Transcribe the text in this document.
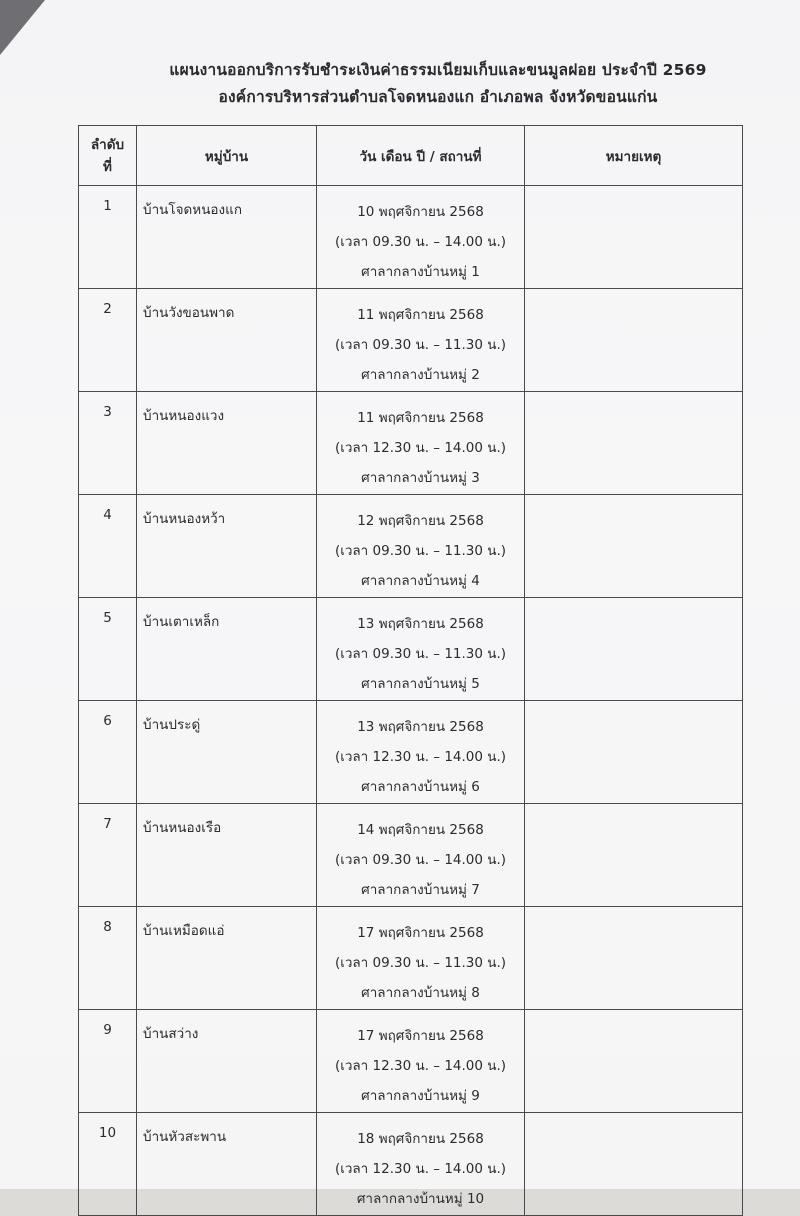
แผนงานออกบริการรับชำระเงินค่าธรรมเนียมเก็บและขนมูลฝอย ประจำปี 2569
องค์การบริหารส่วนตำบลโจดหนองแก อำเภอพล จังหวัดขอนแก่น
ลำดับ
ที่	หมู่บ้าน	วัน เดือน ปี / สถานที่	หมายเหตุ
1	บ้านโจดหนองแก	10 พฤศจิกายน 2568
(เวลา 09.30 น. – 14.00 น.)
ศาลากลางบ้านหมู่ 1	

2	บ้านวังขอนพาด	11 พฤศจิกายน 2568
(เวลา 09.30 น. – 11.30 น.)
ศาลากลางบ้านหมู่ 2	

3	บ้านหนองแวง	11 พฤศจิกายน 2568
(เวลา 12.30 น. – 14.00 น.)
ศาลากลางบ้านหมู่ 3	

4	บ้านหนองหว้า	12 พฤศจิกายน 2568
(เวลา 09.30 น. – 11.30 น.)
ศาลากลางบ้านหมู่ 4	

5	บ้านเตาเหล็ก	13 พฤศจิกายน 2568
(เวลา 09.30 น. – 11.30 น.)
ศาลากลางบ้านหมู่ 5	

6	บ้านประดู่	13 พฤศจิกายน 2568
(เวลา 12.30 น. – 14.00 น.)
ศาลากลางบ้านหมู่ 6	

7	บ้านหนองเรือ	14 พฤศจิกายน 2568
(เวลา 09.30 น. – 14.00 น.)
ศาลากลางบ้านหมู่ 7	

8	บ้านเหมือดแอ่	17 พฤศจิกายน 2568
(เวลา 09.30 น. – 11.30 น.)
ศาลากลางบ้านหมู่ 8	

9	บ้านสว่าง	17 พฤศจิกายน 2568
(เวลา 12.30 น. – 14.00 น.)
ศาลากลางบ้านหมู่ 9	

10	บ้านหัวสะพาน	18 พฤศจิกายน 2568
(เวลา 12.30 น. – 14.00 น.)
ศาลากลางบ้านหมู่ 10	
